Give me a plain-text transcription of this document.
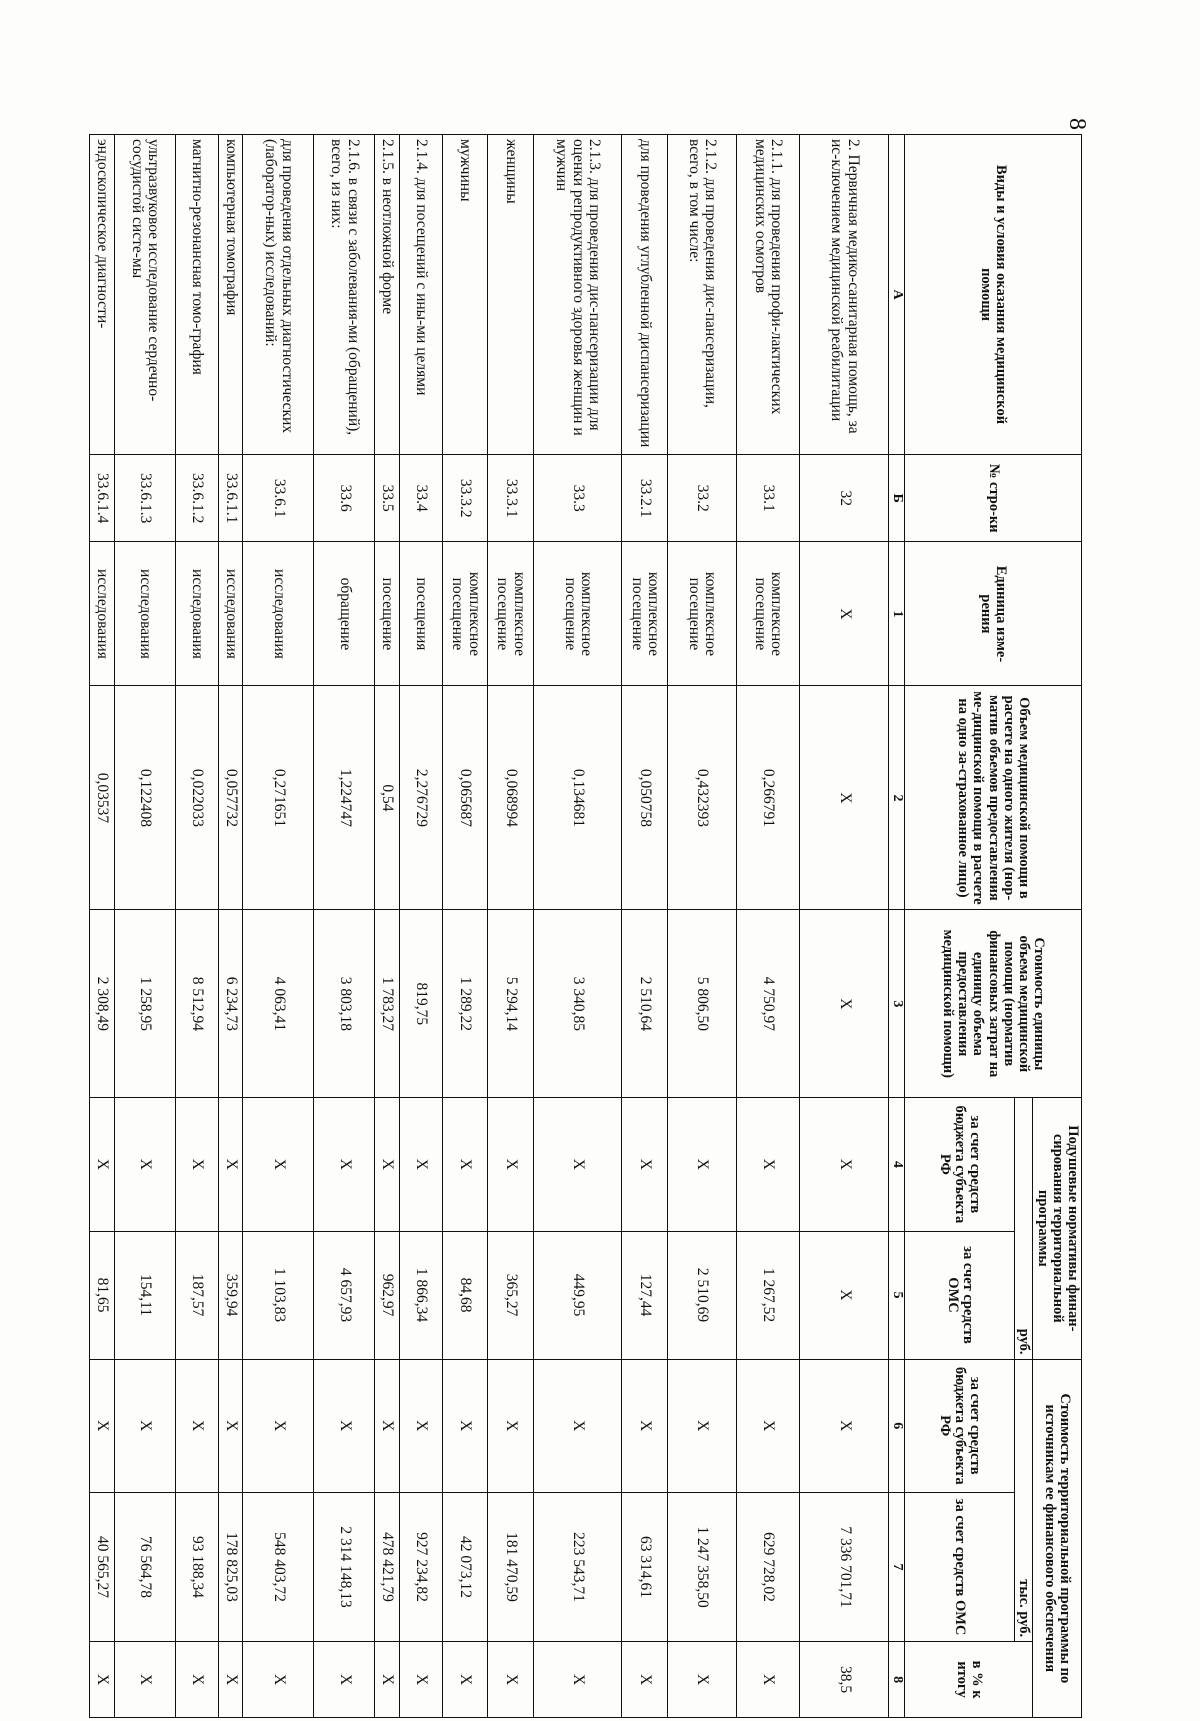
8
Виды и условия оказания медицинской помощи	№ стро-ки	Единица изме-рения	Объем медицинской помощи в расчете на одного жителя (нор-матив объемов предоставления ме-дицинской помощи в расчете на одно за-страхованное лицо)	Стоимость единицы объема медицинской помощи (норматив финансовых затрат на единицу объема предоставления медицинской помощи)	Подушевые нормативы финан-сирования территориальной программы		Стоимость территориальной программы по источникам ее финансового обеспечения		
					руб.		тыс. руб.		в % к итогу
					за счет средств бюджета субъекта РФ	за счет средств ОМС	за счет средств бюджета субъекта РФ	за счет средств ОМС	
А	Б	1	2	3	4	5	6	7	8
2. Первичная медико-санитарная помощь, за ис-ключением медицинской реабилитации	32	X	X	X	X	X	X	7 336 701,71	38,5
2.1.1. для проведения профи-лактических медицинских осмотров	33.1	комплексное посещение	0,266791	4 750,97	X	1 267,52	X	629 728,02	X
2.1.2. для проведения дис-пансеризации, всего, в том числе:	33.2	комплексное посещение	0,432393	5 806,50	X	2 510,69	X	1 247 358,50	X
для проведения углубленной диспансеризации	33.2.1	комплексное посещение	0,050758	2 510,64	X	127,44	X	63 314,61	X
2.1.3. для проведения дис-пансеризации для оценки репродуктивного здоровья женщин и мужчин	33.3	комплексное посещение	0,134681	3 340,85	X	449,95	X	223 543,71	X
женщины	33.3.1	комплексное посещение	0,068994	5 294,14	X	365,27	X	181 470,59	X
мужчины	33.3.2	комплексное посещение	0,065687	1 289,22	X	84,68	X	42 073,12	X
2.1.4. для посещений с ины-ми целями	33.4	посещения	2,276729	819,75	X	1 866,34	X	927 234,82	X
2.1.5. в неотложной форме	33.5	посещение	0,54	1 783,27	X	962,97	X	478 421,79	X
2.1.6. в связи с заболевания-ми (обращений), всего, из них:	33.6	обращение	1,224747	3 803,18	X	4 657,93	X	2 314 148,13	X
для проведения отдельных диагностических (лаборатор-ных) исследований:	33.6.1	исследования	0,271651	4 063,41	X	1 103,83	X	548 403,72	X
компьютерная томография	33.6.1.1	исследования	0,057732	6 234,73	X	359,94	X	178 825,03	X
магнитно-резонансная томо-графия	33.6.1.2	исследования	0,022033	8 512,94	X	187,57	X	93 188,34	X
ультразвуковое исследование сердечно-сосудистой систе-мы	33.6.1.3	исследования	0,122408	1 258,95	X	154,11	X	76 564,78	X
эндоскопическое диагности-	33.6.1.4	исследования	0,03537	2 308,49	X	81,65	X	40 565,27	X
